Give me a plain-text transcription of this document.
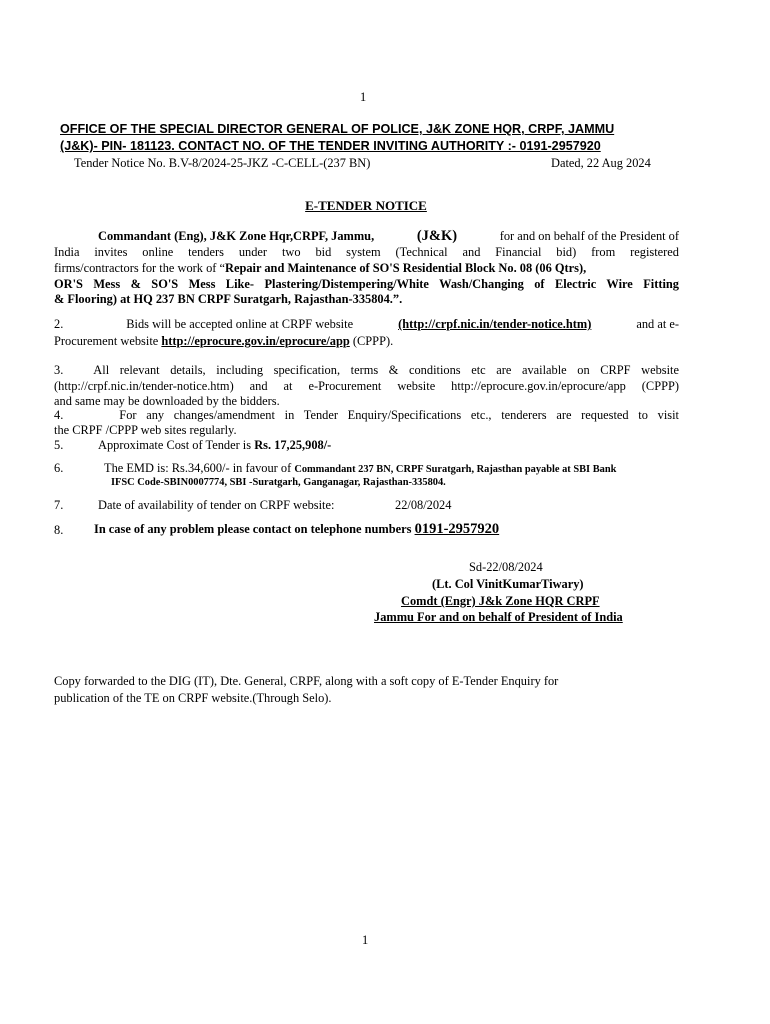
1
OFFICE OF THE SPECIAL DIRECTOR GENERAL OF POLICE, J&K ZONE HQR, CRPF, JAMMU
(J&K)- PIN- 181123. CONTACT NO. OF THE TENDER INVITING AUTHORITY :- 0191-2957920
Tender Notice No. B.V-8/2024-25-JKZ -C-CELL-(237 BN)	Dated, 22 Aug 2024
E-TENDER NOTICE
Commandant (Eng), J&K Zone Hqr,CRPF, Jammu,	(J&K)	for and on behalf of the President of
India invites online tenders under two bid system (Technical and Financial bid) from registered
firms/contractors for the work of “Repair and Maintenance of SO'S Residential Block No. 08 (06 Qtrs),
OR'S Mess & SO'S Mess Like- Plastering/Distempering/White Wash/Changing of Electric Wire Fitting
& Flooring) at HQ 237 BN CRPF Suratgarh, Rajasthan-335804.”.
2.	Bids will be accepted online at CRPF website	(http://crpf.nic.in/tender-notice.htm)	and at e-
Procurement website http://eprocure.gov.in/eprocure/app (CPPP).
3. All relevant details, including specification, terms & conditions etc are available on CRPF website
(http://crpf.nic.in/tender-notice.htm) and at e-Procurement website http://eprocure.gov.in/eprocure/app (CPPP)
and same may be downloaded by the bidders.
4.	For any changes/amendment in Tender Enquiry/Specifications etc., tenderers are requested to visit
the CRPF /CPPP web sites regularly.
5.	Approximate Cost of Tender is Rs. 17,25,908/-
6.	The EMD is: Rs.34,600/- in favour of Commandant 237 BN, CRPF Suratgarh, Rajasthan payable at SBI Bank
IFSC Code-SBIN0007774, SBI -Suratgarh, Ganganagar, Rajasthan-335804.
7.	Date of availability of tender on CRPF website:	22/08/2024
8. In case of any problem please contact on telephone numbers 0191-2957920
Sd-22/08/2024
(Lt. Col VinitKumarTiwary)
Comdt (Engr) J&k Zone HQR CRPF
Jammu For and on behalf of President of India
Copy forwarded to the DIG (IT), Dte. General, CRPF, along with a soft copy of E-Tender Enquiry for
publication of the TE on CRPF website.(Through Selo).
1
